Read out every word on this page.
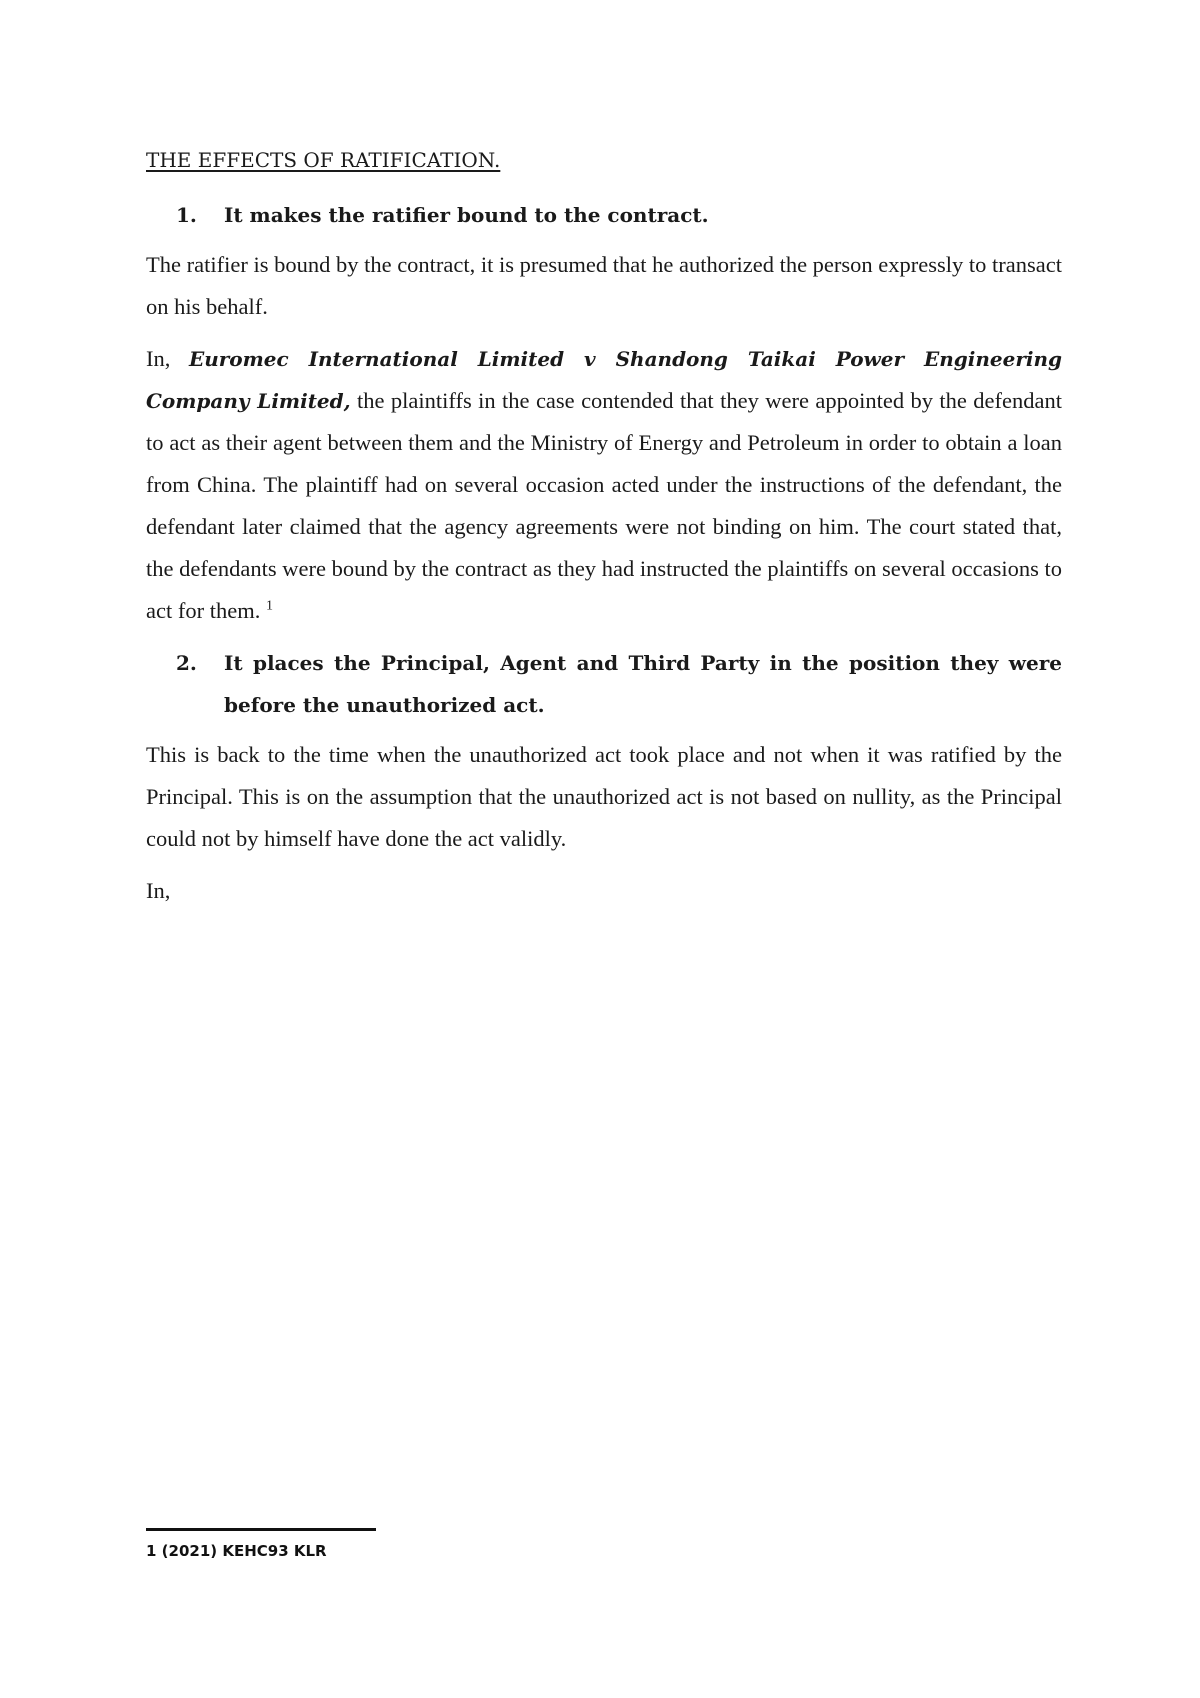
THE EFFECTS OF RATIFICATION.
1.	It makes the ratifier bound to the contract.

The ratifier is bound by the contract, it is presumed that he authorized the person expressly to transact on his behalf.

In, Euromec International Limited v Shandong Taikai Power Engineering Company Limited, the plaintiffs in the case contended that they were appointed by the defendant to act as their agent between them and the Ministry of Energy and Petroleum in order to obtain a loan from China. The plaintiff had on several occasion acted under the instructions of the defendant, the defendant later claimed that the agency agreements were not binding on him. The court stated that, the defendants were bound by the contract as they had instructed the plaintiffs on several occasions to act for them. $^1$

2.	It places the Principal, Agent and Third Party in the position they were before the unauthorized act.

This is back to the time when the unauthorized act took place and not when it was ratified by the Principal. This is on the assumption that the unauthorized act is not based on nullity, as the Principal could not by himself have done the act validly.

In,

1 (2021) KEHC93 KLR
